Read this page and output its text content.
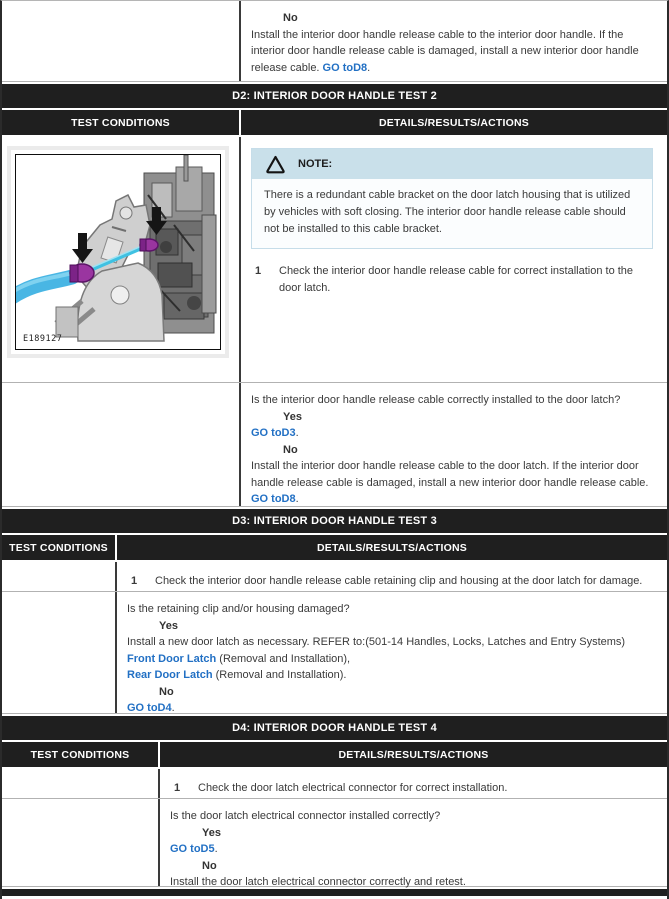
No

Install the interior door handle release cable to the interior door handle. If the interior door handle release cable is damaged, install a new interior door handle release cable. GO toD8.

D2: INTERIOR DOOR HANDLE TEST 2
TEST CONDITIONS	DETAILS/RESULTS/ACTIONS
E189127
NOTE:
There is a redundant cable bracket on the door latch housing that is utilized by vehicles with soft closing. The interior door handle release cable should not be installed to this cable bracket.
1	Check the interior door handle release cable for correct installation to the door latch.

Is the interior door handle release cable correctly installed to the door latch?

Yes

GO toD3.

No

Install the interior door handle release cable to the door latch. If the interior door handle release cable is damaged, install a new interior door handle release cable. GO toD8.

D3: INTERIOR DOOR HANDLE TEST 3
TEST CONDITIONS	DETAILS/RESULTS/ACTIONS
1	Check the interior door handle release cable retaining clip and housing at the door latch for damage.

Is the retaining clip and/or housing damaged?

Yes

Install a new door latch as necessary. REFER to:(501-14 Handles, Locks, Latches and Entry Systems)

Front Door Latch (Removal and Installation),

Rear Door Latch (Removal and Installation).

No

GO toD4.

D4: INTERIOR DOOR HANDLE TEST 4
TEST CONDITIONS	DETAILS/RESULTS/ACTIONS
1	Check the door latch electrical connector for correct installation.

Is the door latch electrical connector installed correctly?

Yes

GO toD5.

No

Install the door latch electrical connector correctly and retest.
